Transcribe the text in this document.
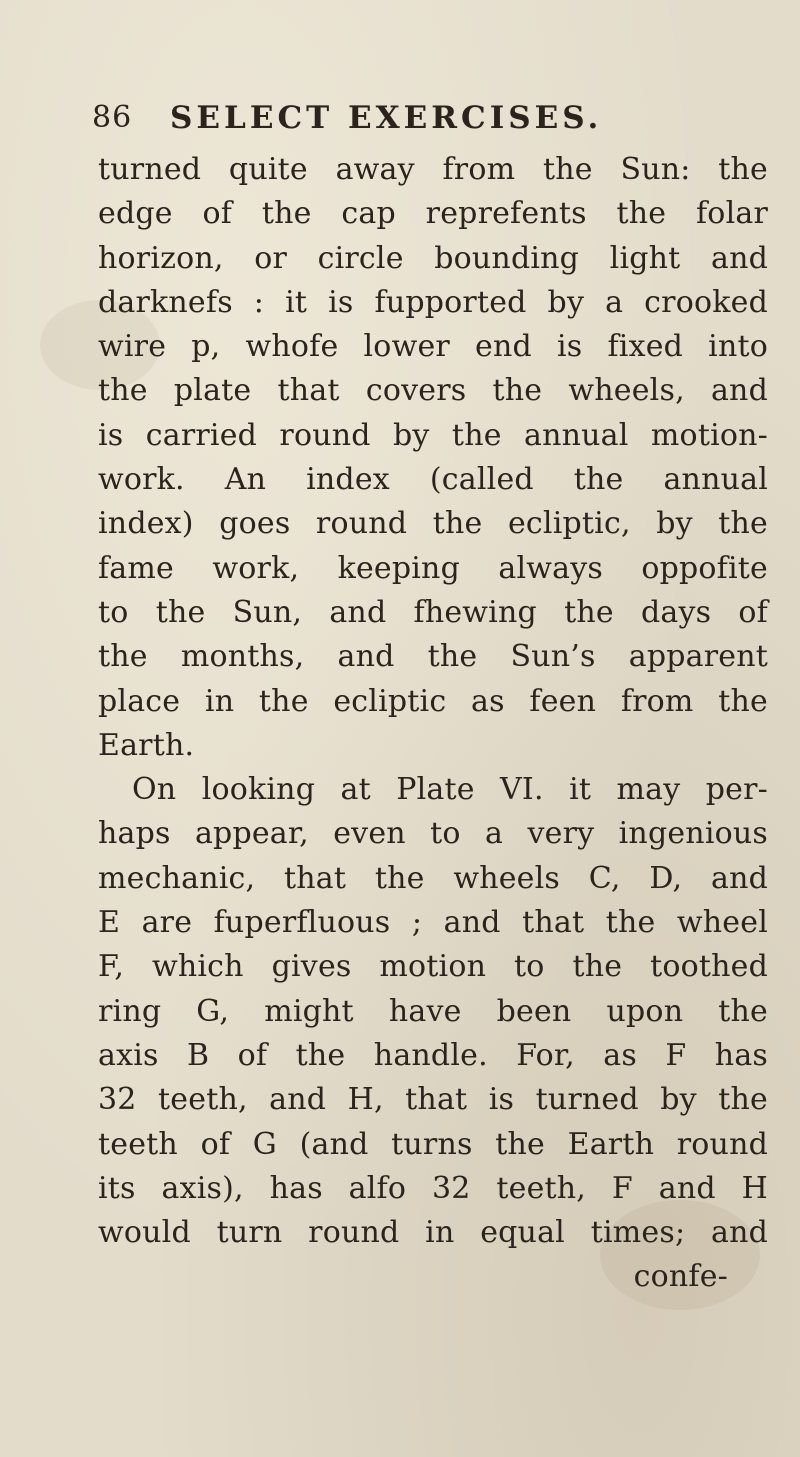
86 SELECT EXERCISES.
turned quite away from the Sun: the
edge of the cap reprefents the folar
horizon, or circle bounding light and
darknefs : it is fupported by a crooked
wire p, whofe lower end is fixed into
the plate that covers the wheels, and
is carried round by the annual motion-
work. An index (called the annual
index) goes round the ecliptic, by the
fame work, keeping always oppofite
to the Sun, and fhewing the days of
the months, and the Sun’s apparent
place in the ecliptic as feen from the
Earth.
On looking at Plate VI. it may per-
haps appear, even to a very ingenious
mechanic, that the wheels C, D, and
E are fuperfluous ; and that the wheel
F, which gives motion to the toothed
ring G, might have been upon the
axis B of the handle. For, as F has
32 teeth, and H, that is turned by the
teeth of G (and turns the Earth round
its axis), has alfo 32 teeth, F and H
would turn round in equal times; and
confe-
